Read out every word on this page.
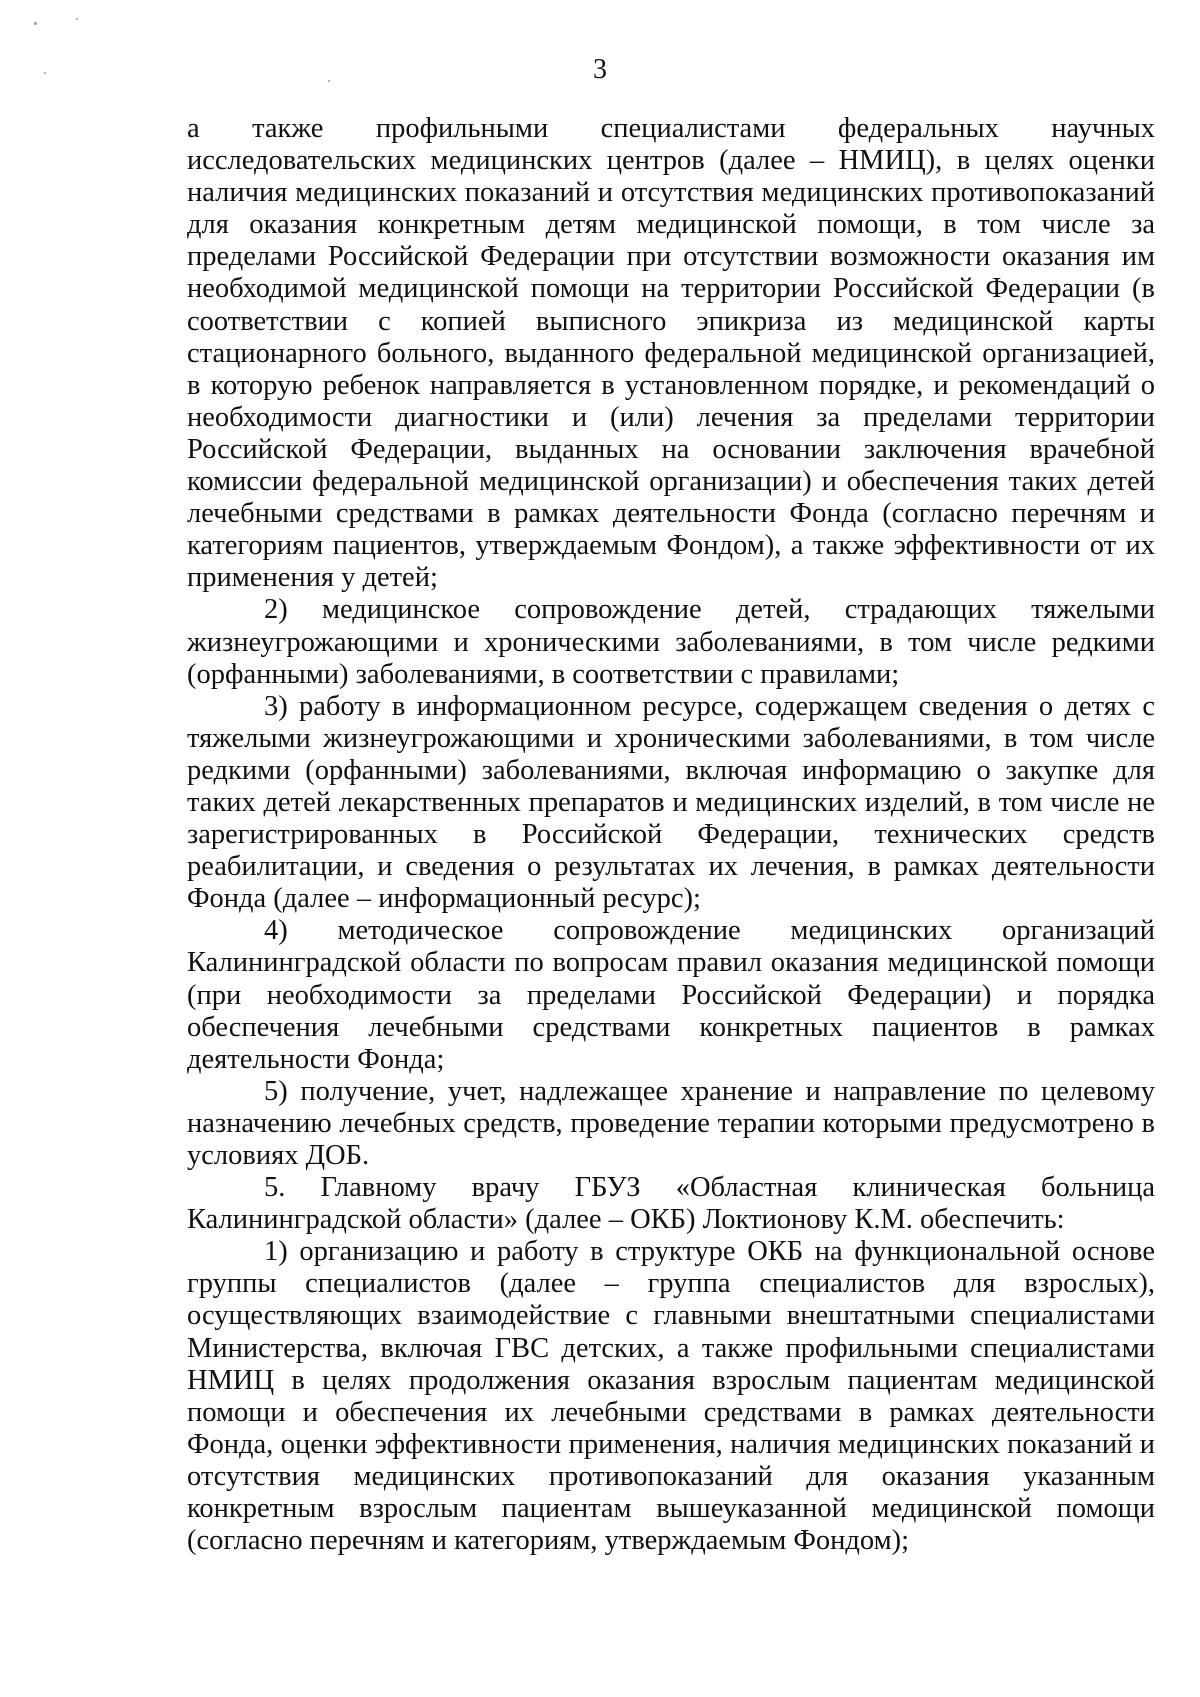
3

а также профильными специалистами федеральных научных исследовательских медицинских центров (далее – НМИЦ), в целях оценки наличия медицинских показаний и отсутствия медицинских противопоказаний для оказания конкретным детям медицинской помощи, в том числе за пределами Российской Федерации при отсутствии возможности оказания им необходимой медицинской помощи на территории Российской Федерации (в соответствии с копией выписного эпикриза из медицинской карты стационарного больного, выданного федеральной медицинской организацией, в которую ребенок направляется в установленном порядке, и рекомендаций о необходимости диагностики и (или) лечения за пределами территории Российской Федерации, выданных на основании заключения врачебной комиссии федеральной медицинской организации) и обеспечения таких детей лечебными средствами в рамках деятельности Фонда (согласно перечням и категориям пациентов, утверждаемым Фондом), а также эффективности от их применения у детей;

2) медицинское сопровождение детей, страдающих тяжелыми жизнеугрожающими и хроническими заболеваниями, в том числе редкими (орфанными) заболеваниями, в соответствии с правилами;

3) работу в информационном ресурсе, содержащем сведения о детях с тяжелыми жизнеугрожающими и хроническими заболеваниями, в том числе редкими (орфанными) заболеваниями, включая информацию о закупке для таких детей лекарственных препаратов и медицинских изделий, в том числе не зарегистрированных в Российской Федерации, технических средств реабилитации, и сведения о результатах их лечения, в рамках деятельности Фонда (далее – информационный ресурс);

4) методическое сопровождение медицинских организаций Калининградской области по вопросам правил оказания медицинской помощи (при необходимости за пределами Российской Федерации) и порядка обеспечения лечебными средствами конкретных пациентов в рамках деятельности Фонда;

5) получение, учет, надлежащее хранение и направление по целевому назначению лечебных средств, проведение терапии которыми предусмотрено в условиях ДОБ.

5. Главному врачу ГБУЗ «Областная клиническая больница Калининградской области» (далее – ОКБ) Локтионову К.М. обеспечить:

1) организацию и работу в структуре ОКБ на функциональной основе группы специалистов (далее – группа специалистов для взрослых), осуществляющих взаимодействие с главными внештатными специалистами Министерства, включая ГВС детских, а также профильными специалистами НМИЦ в целях продолжения оказания взрослым пациентам медицинской помощи и обеспечения их лечебными средствами в рамках деятельности Фонда, оценки эффективности применения, наличия медицинских показаний и отсутствия медицинских противопоказаний для оказания указанным конкретным взрослым пациентам вышеуказанной медицинской помощи (согласно перечням и категориям, утверждаемым Фондом);
